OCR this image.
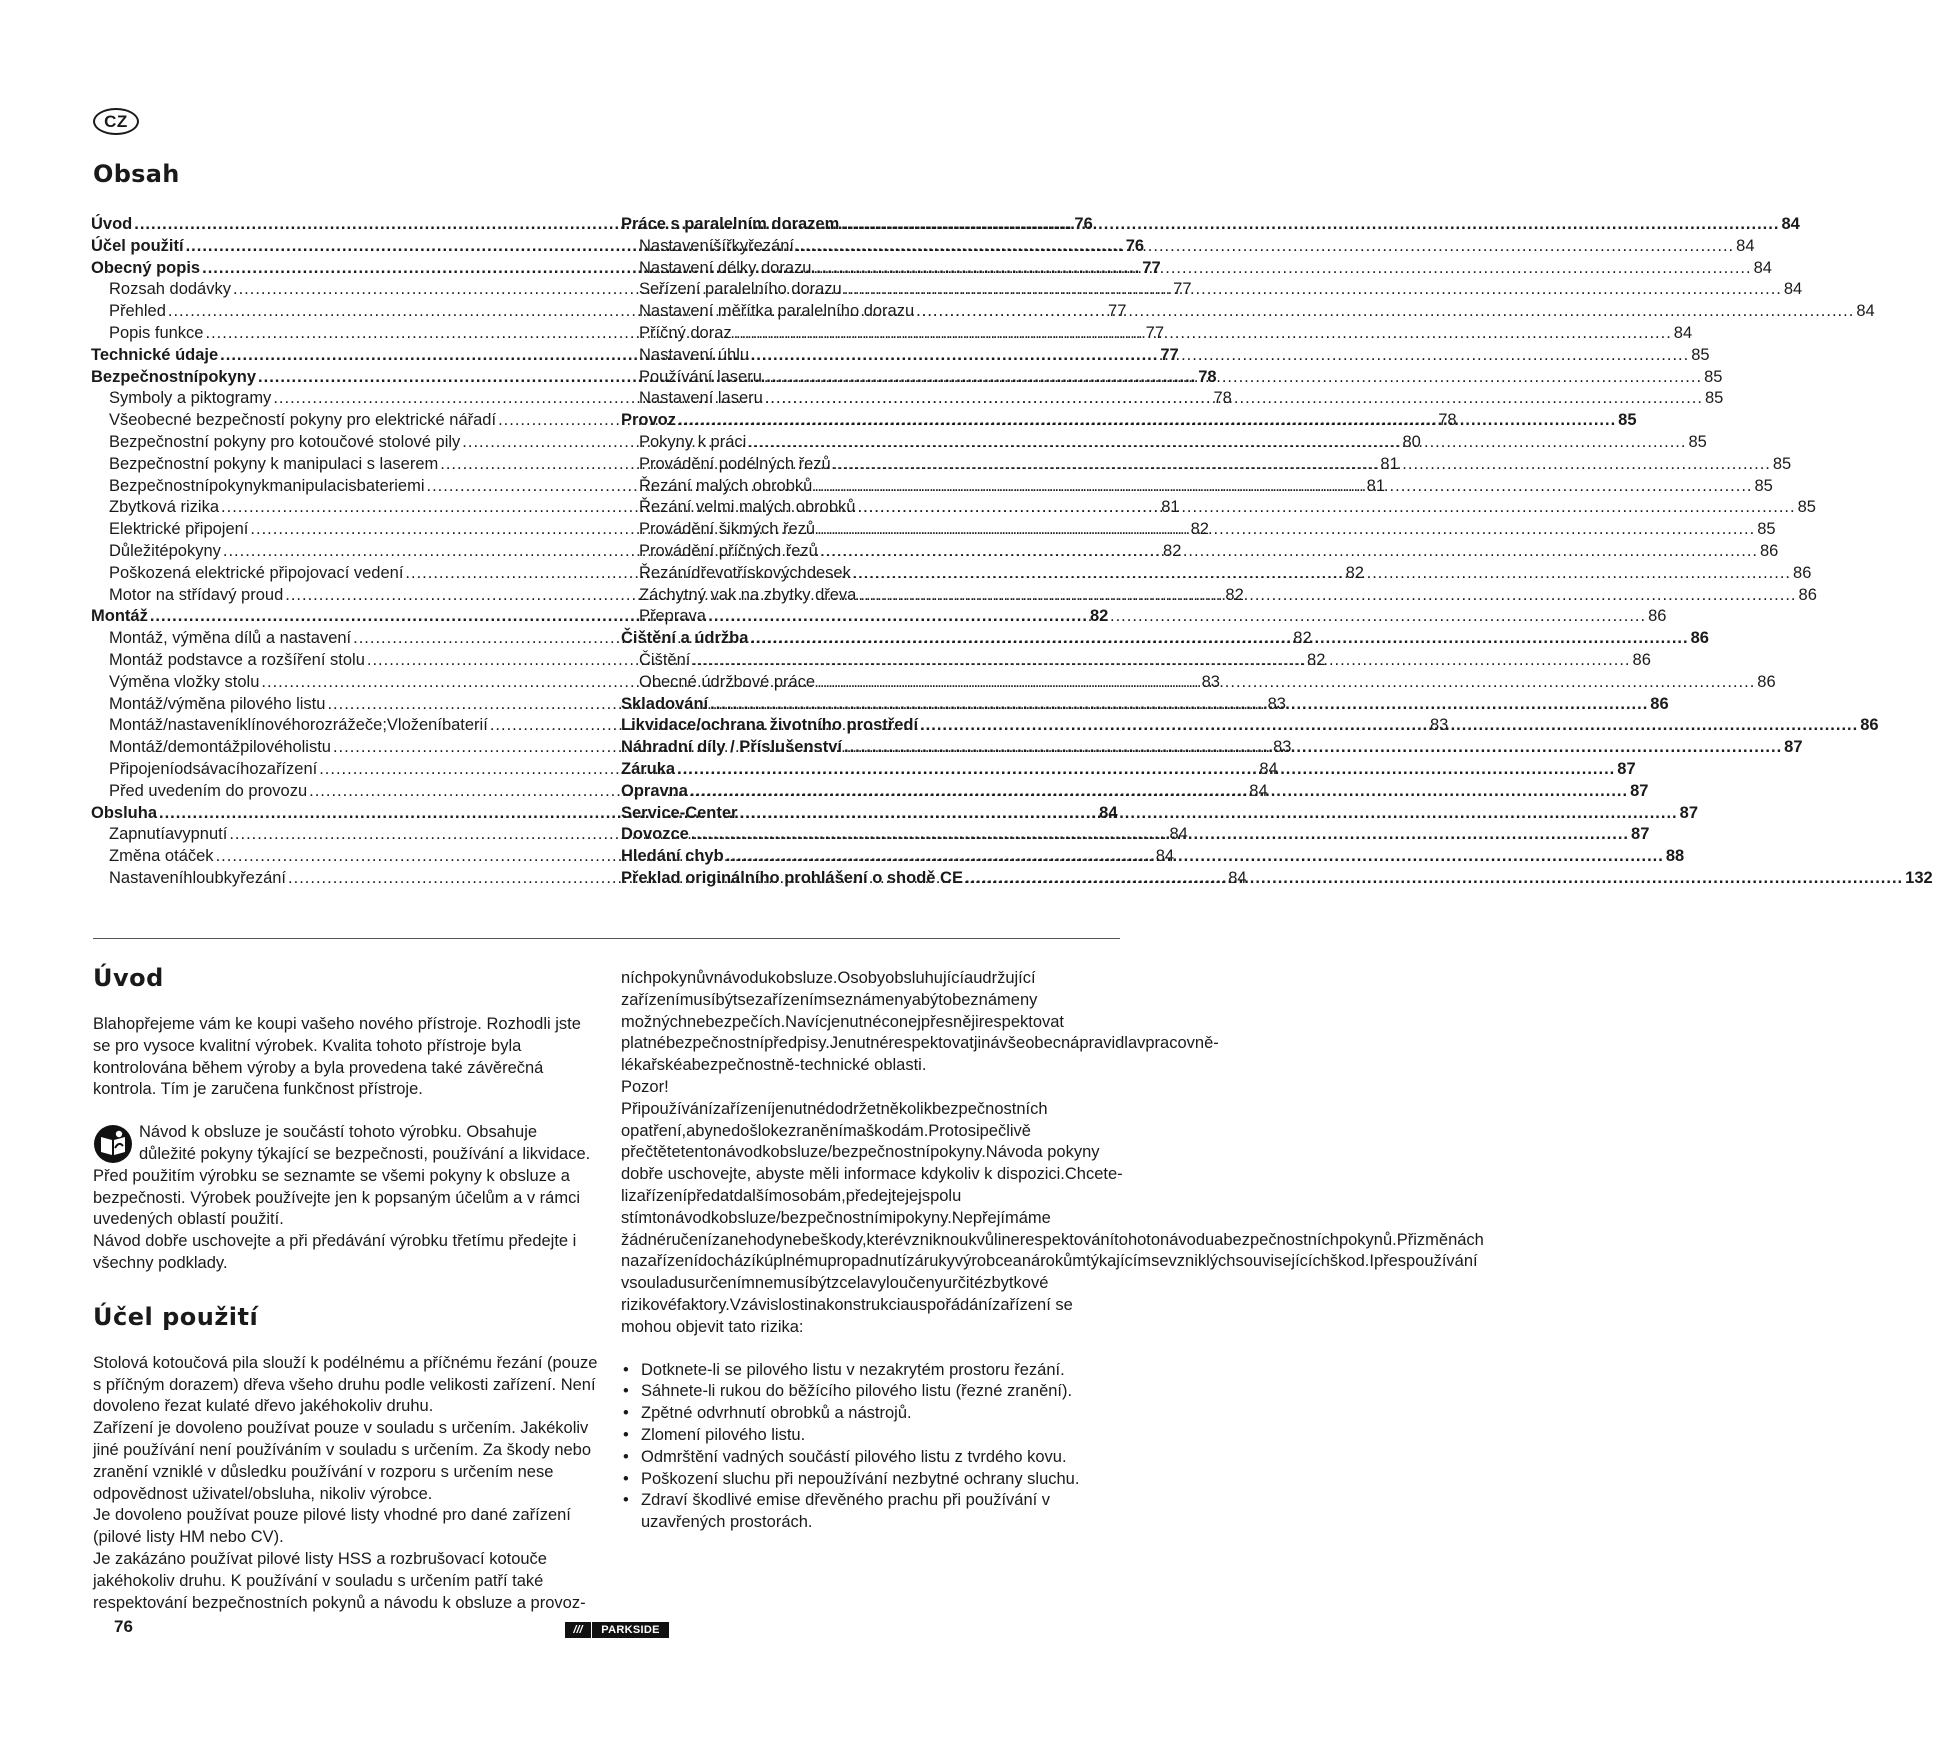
CZ
Obsah
Úvod .....	76
Účel použití .....	76
Obecný popis .....	77
Rozsah dodávky .....	77
Přehled .....	77
Popis funkce .....	77
Technické údaje .....	77
Bezpečnostnípokyny .....	78
Symboly a piktogramy .....	78
Všeobecné bezpečností pokyny pro elektrické nářadí .....	78
Bezpečnostní pokyny pro kotoučové stolové pily .....	80
Bezpečnostní pokyny k manipulaci s laserem .....	81
Bezpečnostnípokynykmanipulacisbateriemi .....	81
Zbytková rizika .....	81
Elektrické připojení .....	82
Důležitépokyny .....	82
Poškozená elektrické připojovací vedení .....	82
Motor na střídavý proud .....	82
Montáž .....	82
Montáž, výměna dílů a nastavení .....	82
Montáž podstavce a rozšíření stolu .....	82
Výměna vložky stolu .....	83
Montáž/výměna pilového listu .....	83
Montáž/nastaveníklínovéhorozrážeče;Vloženíbaterií .....	83
Montáž/demontážpilovéholistu .....	83
Připojeníodsávacíhozařízení .....	84
Před uvedením do provozu .....	84
Obsluha .....	84
Zapnutíavypnutí .....	84
Změna otáček .....	84
Nastaveníhloubkyřezání .....	84
Práce s paralelním dorazem .....	84
Nastaveníšířkyřezání .....	84
Nastavení délky dorazu .....	84
Seřízení paralelního dorazu .....	84
Nastavení měřítka paralelního dorazu .....	84
Příčný doraz .....	84
Nastavení úhlu .....	85
Používání laseru .....	85
Nastavení laseru .....	85
Provoz .....	85
Pokyny k práci .....	85
Provádění podélných řezů .....	85
Řezání malých obrobků .....	85
Řezání velmi malých obrobků .....	85
Provádění šikmých řezů .....	85
Provádění příčných řezů .....	86
Řezánídřevotřískovýchdesek .....	86
Záchytný vak na zbytky dřeva .....	86
Přeprava .....	86
Čištění a údržba .....	86
Čištění .....	86
Obecné údržbové práce .....	86
Skladování .....	86
Likvidace/ochrana životního prostředí .....	86
Náhradní díly / Příslušenství .....	87
Záruka .....	87
Opravna .....	87
Service-Center .....	87
Dovozce .....	87
Hledání chyb .....	88
Překlad originálního prohlášení o shodě CE .....	132
Úvod

Blahopřejeme vám ke koupi vašeho nového přístroje. Rozhodli jste se pro vysoce kvalitní výrobek. Kvalita tohoto přístroje byla kontrolována během výroby a byla provedena také závěrečná kontrola. Tím je zaručena funkčnost přístroje.

Návod k obsluze je součástí tohoto výrobku. Obsahuje důležité pokyny týkající se bezpečnosti, používání a likvidace. Před použitím výrobku se seznamte se všemi pokyny k obsluze a bezpečnosti. Výrobek používejte jen k popsaným účelům a v rámci uvedených oblastí použití.

Návod dobře uschovejte a při předávání výrobku třetímu předejte i všechny podklady.

Účel použití

Stolová kotoučová pila slouží k podélnému a příčnému řezání (pouze s příčným dorazem) dřeva všeho druhu podle velikosti zařízení. Není dovoleno řezat kulaté dřevo jakéhokoliv druhu.

Zařízení je dovoleno používat pouze v souladu s určením. Jakékoliv jiné používání není používáním v souladu s určením. Za škody nebo zranění vzniklé v důsledku používání v rozporu s určením nese odpovědnost uživatel/obsluha, nikoliv výrobce.

Je dovoleno používat pouze pilové listy vhodné pro dané zařízení (pilové listy HM nebo CV).

Je zakázáno používat pilové listy HSS a rozbrušovací kotouče jakéhokoliv druhu. K používání v souladu s určením patří také respektování bezpečnostních pokynů a návodu k obsluze a provoz-

níchpokynůvnávodukobsluze.Osobyobsluhujícíaudržující zařízenímusíbýtsezařízenímseznámenyabýtobeznámeny možnýchnebezpečích.Navícjenutnéconejpřesnějirespektovat platnébezpečnostnípředpisy.Jenutnérespektovatjinávšeobecnápravidlavpracovně-lékařskéabezpečnostně-technické oblasti.

Pozor!

Připoužívánízařízeníjenutnédodržetněkolikbezpečnostních opatření,abynedošlokezraněnímaškodám.Protosipečlivě přečtětetentonávodkobsluze/bezpečnostnípokyny.Návoda pokyny dobře uschovejte, abyste měli informace kdykoliv k dispozici.Chcete-lizařízenípředatdalšímosobám,předejtejejspolu stímtonávodkobsluze/bezpečnostnímipokyny.Nepřejímáme žádnéručenízanehodynebeškody,kterévzniknoukvůlinerespektovánítohotonávoduabezpečnostníchpokynů.Přizměnách nazařízenídocházíkúplnémupropadnutízárukyvýrobceanárokůmtýkajícímsevzniklýchsouvisejícíchškod.Ipřespoužívání vsouladusurčenímnemusíbýtzcelavyloučenyurčitézbytkové rizikovéfaktory.Vzávislostinakonstrukciauspořádánízařízení se mohou objevit tato rizika:

• Dotknete-li se pilového listu v nezakrytém prostoru řezání.
• Sáhnete-li rukou do běžícího pilového listu (řezné zranění).
• Zpětné odvrhnutí obrobků a nástrojů.
• Zlomení pilového listu.
• Odmrštění vadných součástí pilového listu z tvrdého kovu.
• Poškození sluchu při nepoužívání nezbytné ochrany sluchu.
• Zdraví škodlivé emise dřevěného prachu při používání v uzavřených prostorách.
76	///	PARKSIDE
